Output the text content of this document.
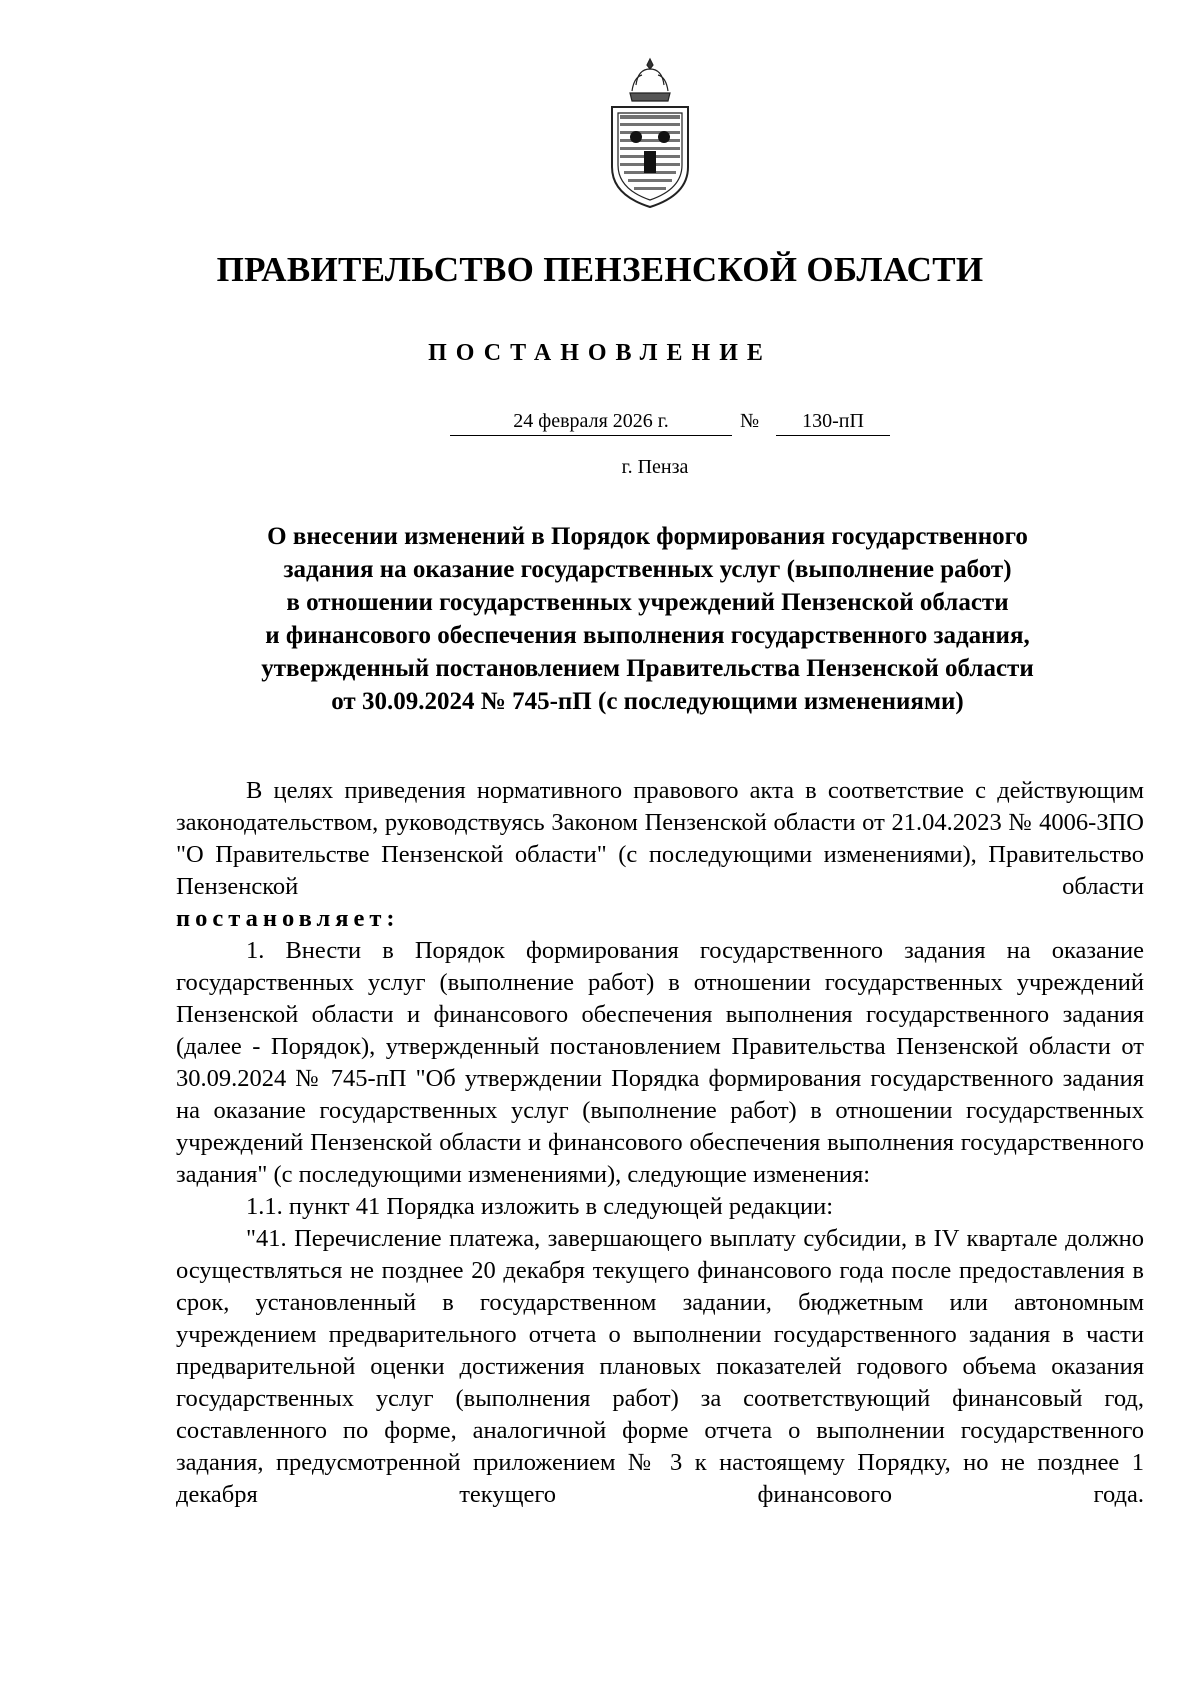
ПРАВИТЕЛЬСТВО ПЕНЗЕНСКОЙ ОБЛАСТИ
ПОСТАНОВЛЕНИЕ
24 февраля 2026 г.	№	130-пП
г. Пенза
О внесении изменений в Порядок формирования государственного
задания на оказание государственных услуг (выполнение работ)
в отношении государственных учреждений Пензенской области
и финансового обеспечения выполнения государственного задания,
утвержденный постановлением Правительства Пензенской области
от 30.09.2024 № 745-пП (с последующими изменениями)

В целях приведения нормативного правового акта в соответствие с действующим законодательством, руководствуясь Законом Пензенской области от 21.04.2023 № 4006-ЗПО "О Правительстве Пензенской области" (с последующими изменениями), Правительство Пензенской области

постановляет:

1. Внести в Порядок формирования государственного задания на оказание государственных услуг (выполнение работ) в отношении государственных учреждений Пензенской области и финансового обеспечения выполнения государственного задания (далее - Порядок), утвержденный постановлением Правительства Пензенской области от 30.09.2024 № 745-пП "Об утверждении Порядка формирования государственного задания на оказание государственных услуг (выполнение работ) в отношении государственных учреждений Пензенской области и финансового обеспечения выполнения государственного задания" (с последующими изменениями), следующие изменения:

1.1. пункт 41 Порядка изложить в следующей редакции:

"41. Перечисление платежа, завершающего выплату субсидии, в IV квартале должно осуществляться не позднее 20 декабря текущего финансового года после предоставления в срок, установленный в государственном задании, бюджетным или автономным учреждением предварительного отчета о выполнении государственного задания в части предварительной оценки достижения плановых показателей годового объема оказания государственных услуг (выполнения работ) за соответствующий финансовый год, составленного по форме, аналогичной форме отчета о выполнении государственного задания, предусмотренной приложением № 3 к настоящему Порядку, но не позднее 1 декабря текущего финансового года.
